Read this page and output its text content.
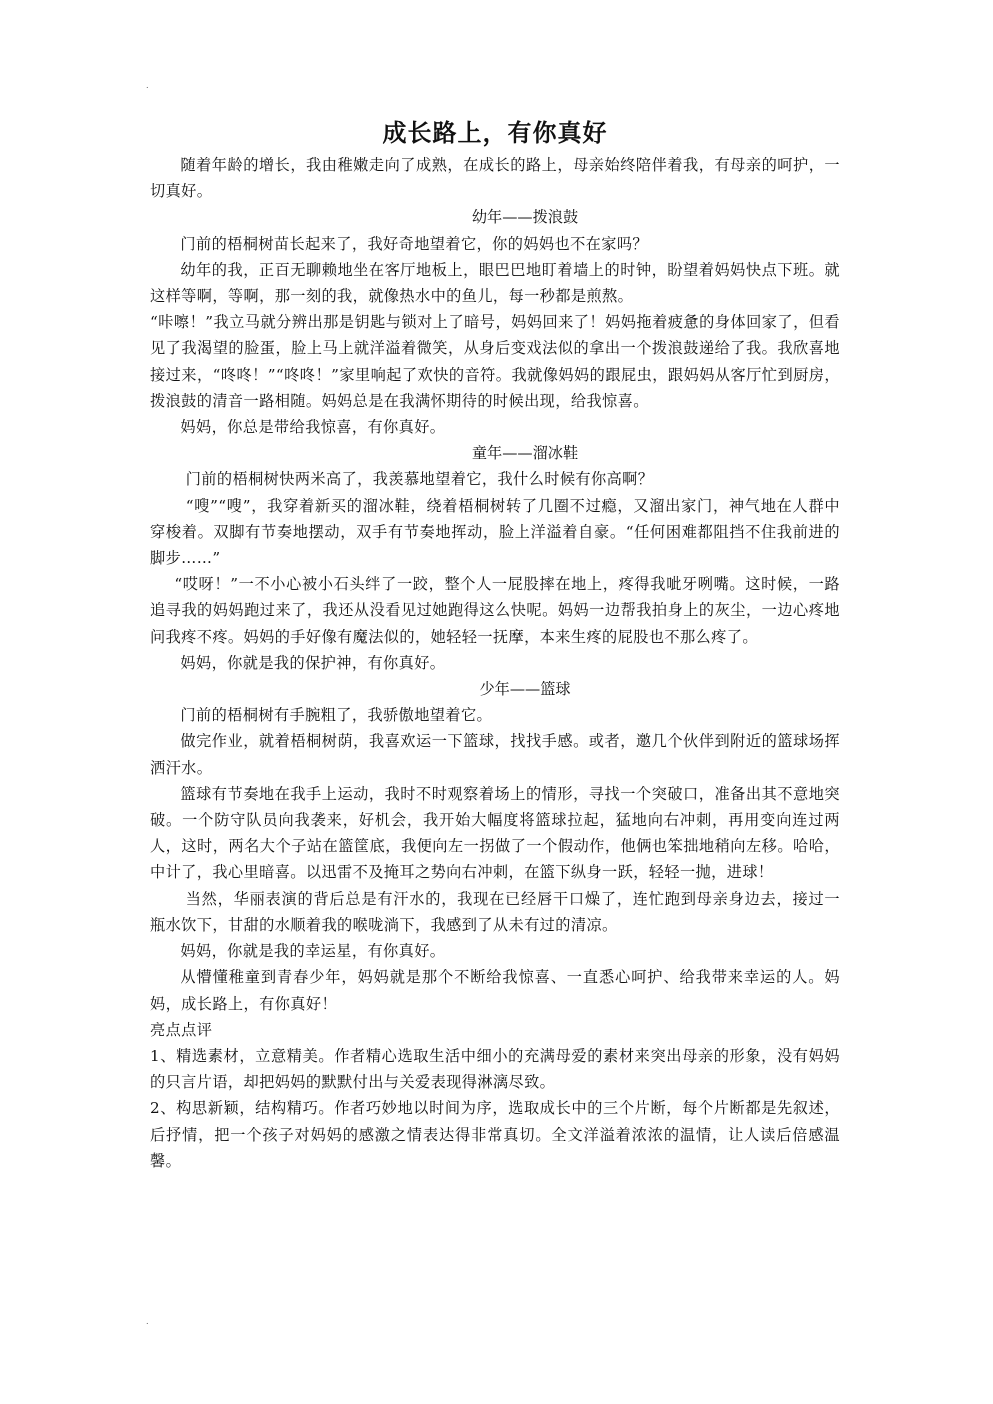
.
成长路上，有你真好

随着年龄的增长，我由稚嫩走向了成熟，在成长的路上，母亲始终陪伴着我，有母亲的呵护，一切真好。

幼年——拨浪鼓

门前的梧桐树苗长起来了，我好奇地望着它，你的妈妈也不在家吗？

幼年的我，正百无聊赖地坐在客厅地板上，眼巴巴地盯着墙上的时钟，盼望着妈妈快点下班。就这样等啊，等啊，那一刻的我，就像热水中的鱼儿，每一秒都是煎熬。

“咔嚓！”我立马就分辨出那是钥匙与锁对上了暗号，妈妈回来了！妈妈拖着疲惫的身体回家了，但看见了我渴望的脸蛋，脸上马上就洋溢着微笑，从身后变戏法似的拿出一个拨浪鼓递给了我。我欣喜地接过来，“咚咚！”“咚咚！”家里响起了欢快的音符。我就像妈妈的跟屁虫，跟妈妈从客厅忙到厨房，拨浪鼓的清音一路相随。妈妈总是在我满怀期待的时候出现，给我惊喜。

妈妈，你总是带给我惊喜，有你真好。

童年——溜冰鞋

门前的梧桐树快两米高了，我羡慕地望着它，我什么时候有你高啊？

“嗖”“嗖”，我穿着新买的溜冰鞋，绕着梧桐树转了几圈不过瘾，又溜出家门，神气地在人群中穿梭着。双脚有节奏地摆动，双手有节奏地挥动，脸上洋溢着自豪。“任何困难都阻挡不住我前进的脚步……”

“哎呀！”一不小心被小石头绊了一跤，整个人一屁股摔在地上，疼得我呲牙咧嘴。这时候，一路追寻我的妈妈跑过来了，我还从没看见过她跑得这么快呢。妈妈一边帮我拍身上的灰尘，一边心疼地问我疼不疼。妈妈的手好像有魔法似的，她轻轻一抚摩，本来生疼的屁股也不那么疼了。

妈妈，你就是我的保护神，有你真好。

少年——篮球

门前的梧桐树有手腕粗了，我骄傲地望着它。

做完作业，就着梧桐树荫，我喜欢运一下篮球，找找手感。或者，邀几个伙伴到附近的篮球场挥洒汗水。

篮球有节奏地在我手上运动，我时不时观察着场上的情形，寻找一个突破口，准备出其不意地突破。一个防守队员向我袭来，好机会，我开始大幅度将篮球拉起，猛地向右冲刺，再用变向连过两人，这时，两名大个子站在篮筐底，我便向左一拐做了一个假动作，他俩也笨拙地稍向左移。哈哈，中计了，我心里暗喜。以迅雷不及掩耳之势向右冲刺，在篮下纵身一跃，轻轻一抛，进球！

当然，华丽表演的背后总是有汗水的，我现在已经唇干口燥了，连忙跑到母亲身边去，接过一瓶水饮下，甘甜的水顺着我的喉咙淌下，我感到了从未有过的清凉。

妈妈，你就是我的幸运星，有你真好。

从懵懂稚童到青春少年，妈妈就是那个不断给我惊喜、一直悉心呵护、给我带来幸运的人。妈妈，成长路上，有你真好！

亮点点评

1、精选素材，立意精美。作者精心选取生活中细小的充满母爱的素材来突出母亲的形象，没有妈妈的只言片语，却把妈妈的默默付出与关爱表现得淋漓尽致。

2、构思新颖，结构精巧。作者巧妙地以时间为序，选取成长中的三个片断，每个片断都是先叙述，后抒情，把一个孩子对妈妈的感激之情表达得非常真切。全文洋溢着浓浓的温情，让人读后倍感温馨。

.
